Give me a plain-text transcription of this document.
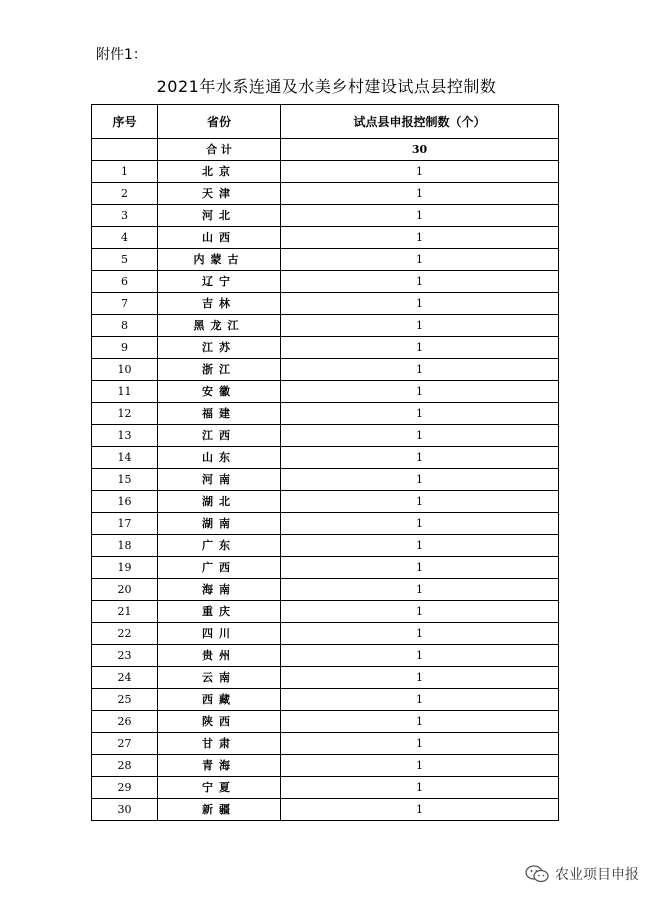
附件1：
2021年水系连通及水美乡村建设试点县控制数
序号	省份	试点县申报控制数（个）
	合 计	30
1	北京	1
2	天津	1
3	河北	1
4	山西	1
5	内蒙古	1
6	辽宁	1
7	吉林	1
8	黑龙江	1
9	江苏	1
10	浙江	1
11	安徽	1
12	福建	1
13	江西	1
14	山东	1
15	河南	1
16	湖北	1
17	湖南	1
18	广东	1
19	广西	1
20	海南	1
21	重庆	1
22	四川	1
23	贵州	1
24	云南	1
25	西藏	1
26	陕西	1
27	甘肃	1
28	青海	1
29	宁夏	1
30	新疆	1
农业项目申报
